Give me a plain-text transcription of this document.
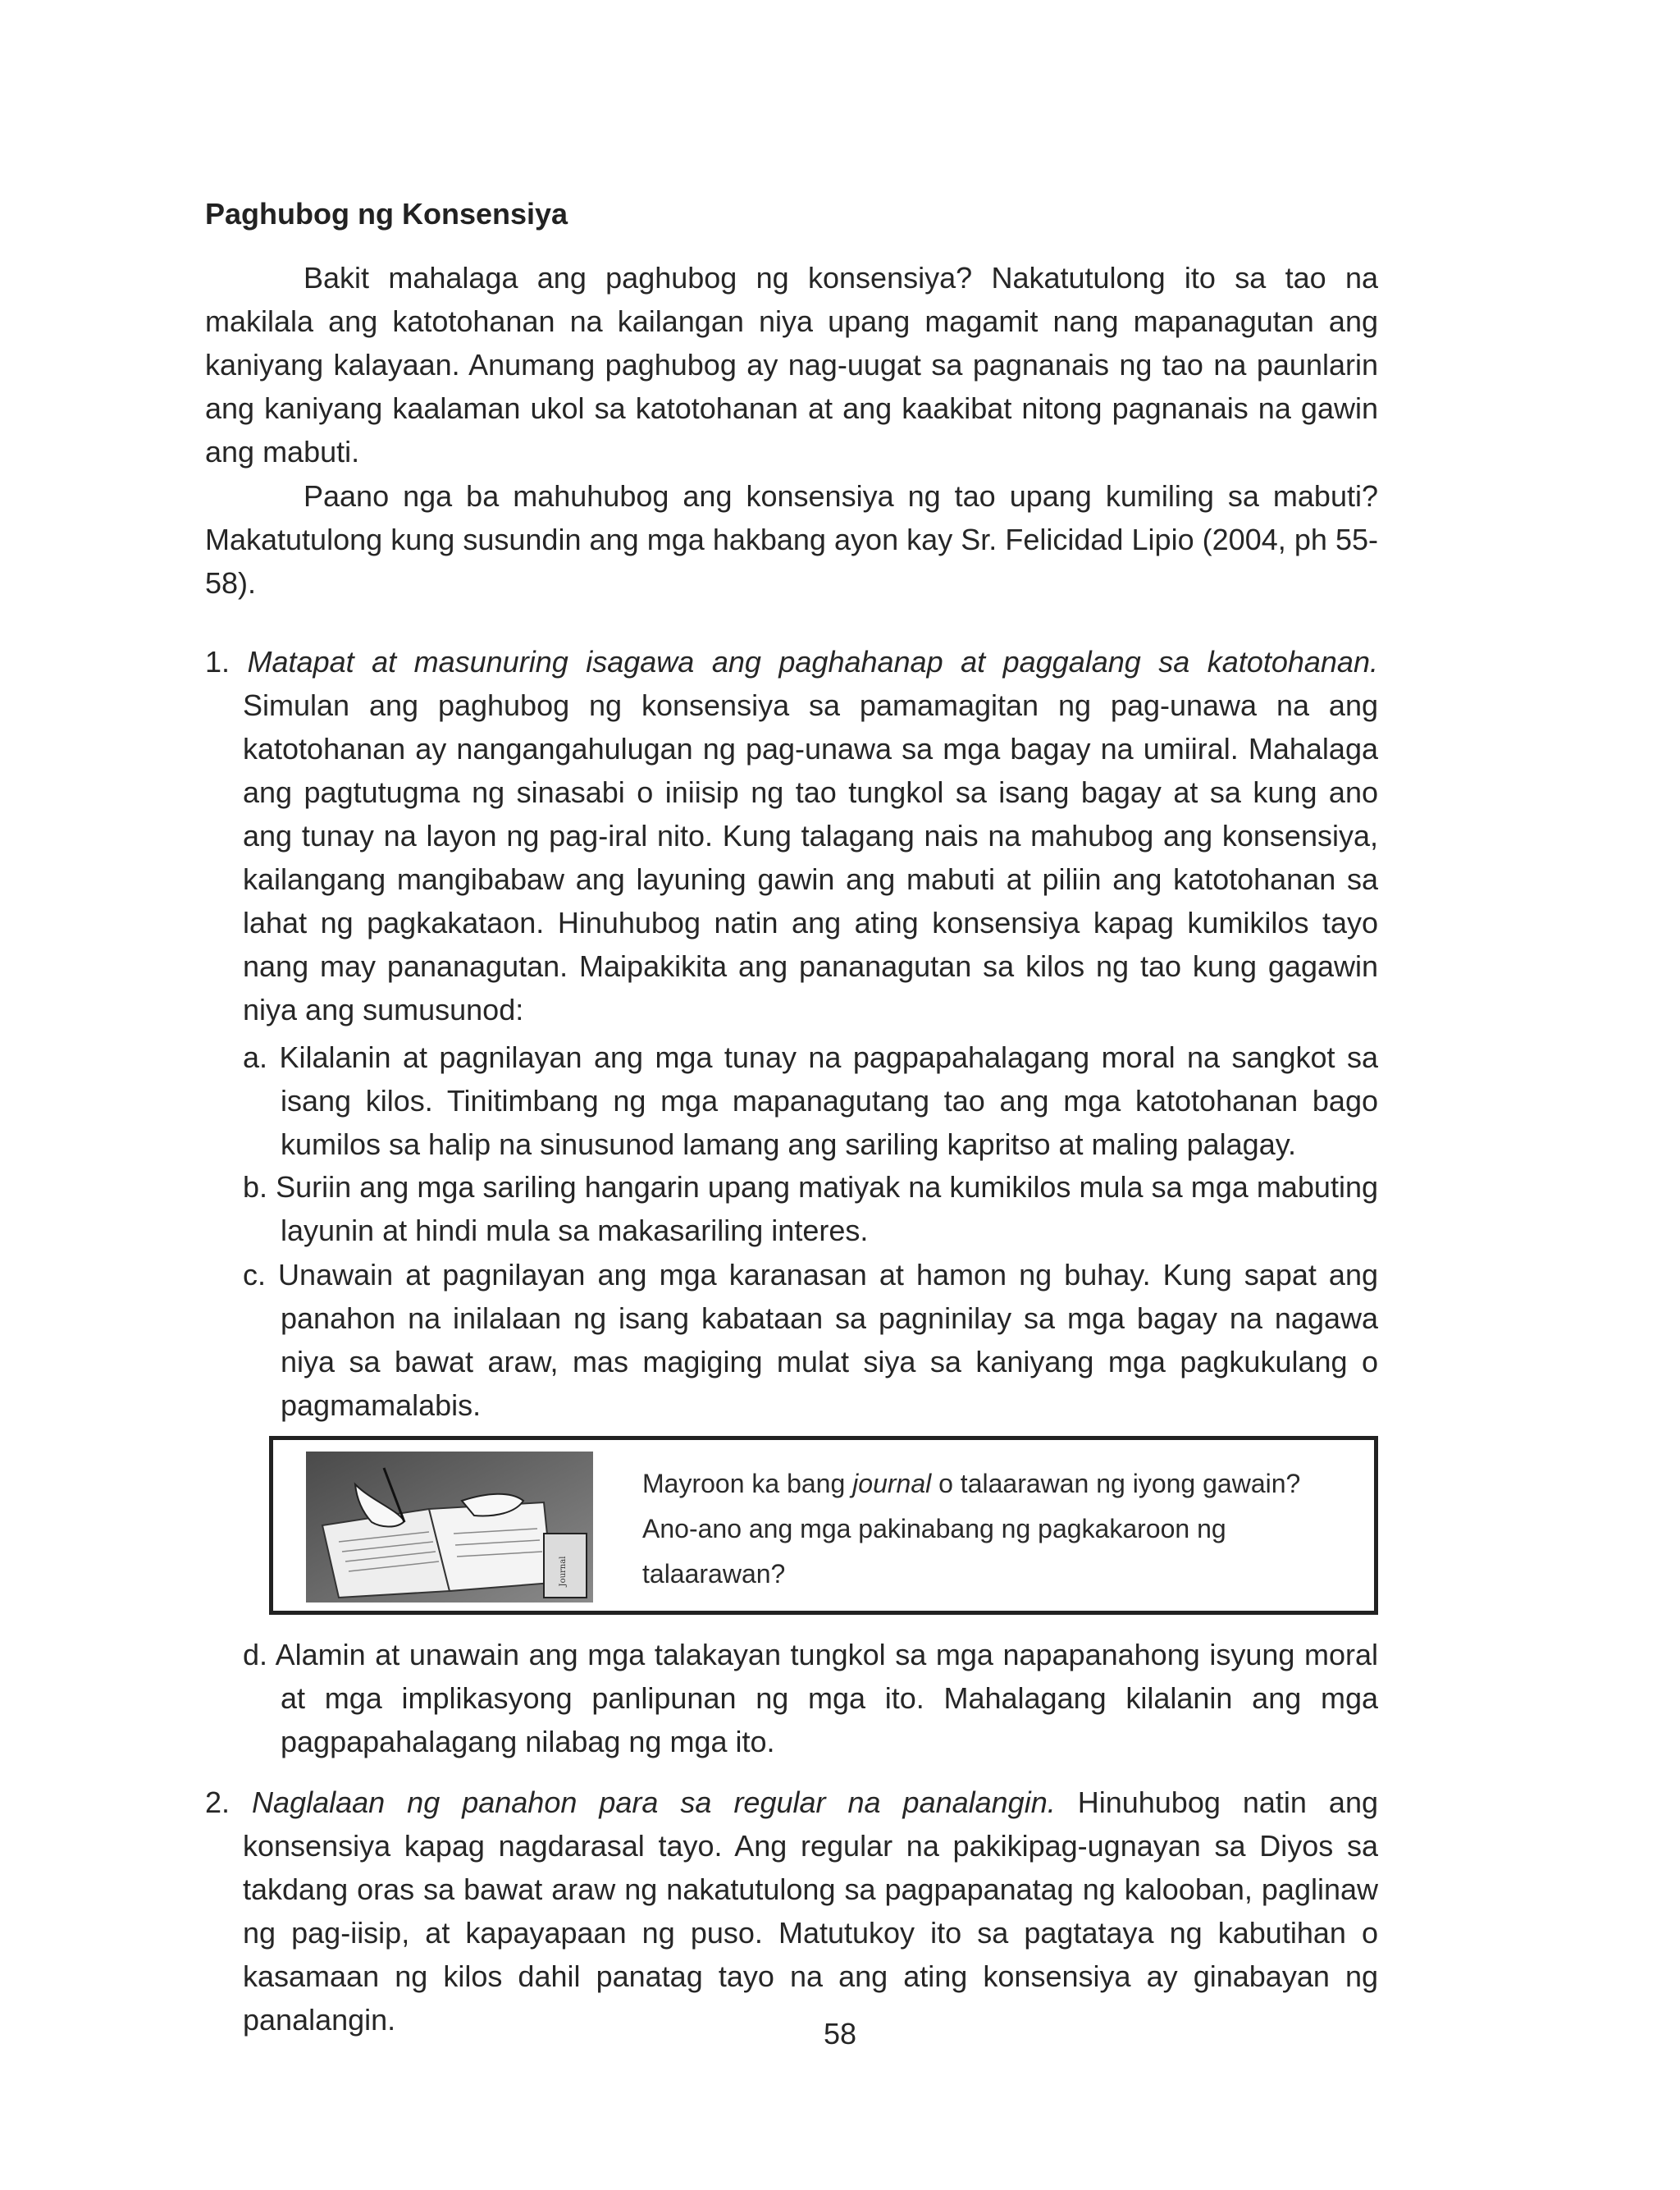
Paghubog ng Konsensiya

Bakit mahalaga ang paghubog ng konsensiya? Nakatutulong ito sa tao na makilala ang katotohanan na kailangan niya upang magamit nang mapanagutan ang kaniyang kalayaan. Anumang paghubog ay nag-uugat sa pagnanais ng tao na paunlarin ang kaniyang kaalaman ukol sa katotohanan at ang kaakibat nitong pagnanais na gawin ang mabuti.

Paano nga ba mahuhubog ang konsensiya ng tao upang kumiling sa mabuti? Makatutulong kung susundin ang mga hakbang ayon kay Sr. Felicidad Lipio (2004, ph 55-58).

1. Matapat at masunuring isagawa ang paghahanap at paggalang sa katotohanan. Simulan ang paghubog ng konsensiya sa pamamagitan ng pag-unawa na ang katotohanan ay nangangahulugan ng pag-unawa sa mga bagay na umiiral. Mahalaga ang pagtutugma ng sinasabi o iniisip ng tao tungkol sa isang bagay at sa kung ano ang tunay na layon ng pag-iral nito. Kung talagang nais na mahubog ang konsensiya, kailangang mangibabaw ang layuning gawin ang mabuti at piliin ang katotohanan sa lahat ng pagkakataon. Hinuhubog natin ang ating konsensiya kapag kumikilos tayo nang may pananagutan. Maipakikita ang pananagutan sa kilos ng tao kung gagawin niya ang sumusunod:

a. Kilalanin at pagnilayan ang mga tunay na pagpapahalagang moral na sangkot sa isang kilos. Tinitimbang ng mga mapanagutang tao ang mga katotohanan bago kumilos sa halip na sinusunod lamang ang sariling kapritso at maling palagay.

b. Suriin ang mga sariling hangarin upang matiyak na kumikilos mula sa mga mabuting layunin at hindi mula sa makasariling interes.

c. Unawain at pagnilayan ang mga karanasan at hamon ng buhay. Kung sapat ang panahon na inilalaan ng isang kabataan sa pagninilay sa mga bagay na nagawa niya sa bawat araw, mas magiging mulat siya sa kaniyang mga pagkukulang o pagmamalabis.

Journal
Mayroon ka bang journal o talaarawan ng iyong gawain?
Ano-ano ang mga pakinabang ng pagkakaroon ng
talaarawan?

d. Alamin at unawain ang mga talakayan tungkol sa mga napapanahong isyung moral at mga implikasyong panlipunan ng mga ito. Mahalagang kilalanin ang mga pagpapahalagang nilabag ng mga ito.

2. Naglalaan ng panahon para sa regular na panalangin. Hinuhubog natin ang konsensiya kapag nagdarasal tayo. Ang regular na pakikipag-ugnayan sa Diyos sa takdang oras sa bawat araw ng nakatutulong sa pagpapanatag ng kalooban, paglinaw ng pag-iisip, at kapayapaan ng puso. Matutukoy ito sa pagtataya ng kabutihan o kasamaan ng kilos dahil panatag tayo na ang ating konsensiya ay ginabayan ng panalangin.	58
